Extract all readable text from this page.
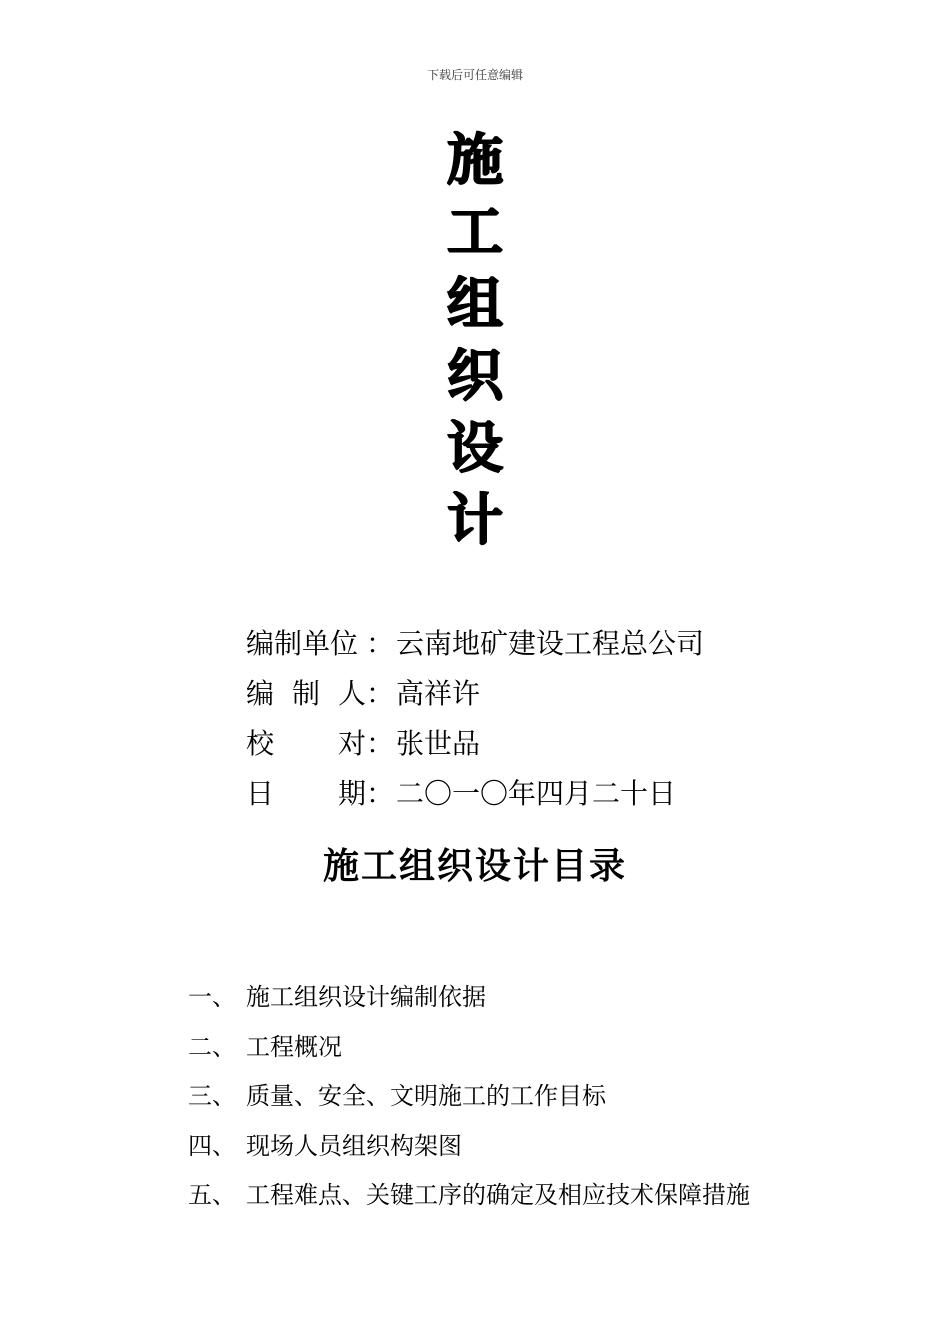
下载后可任意编辑
施
工
组
织
设
计
编制单位 ：云南地矿建设工程总公司
编 制 人 ：高祥许
校 对 ：张世品
日 期 ：二〇一〇年四月二十日
施工组织设计目录
一、 施工组织设计编制依据
二、 工程概况
三、 质量、安全、文明施工的工作目标
四、 现场人员组织构架图
五、 工程难点、关键工序的确定及相应技术保障措施
